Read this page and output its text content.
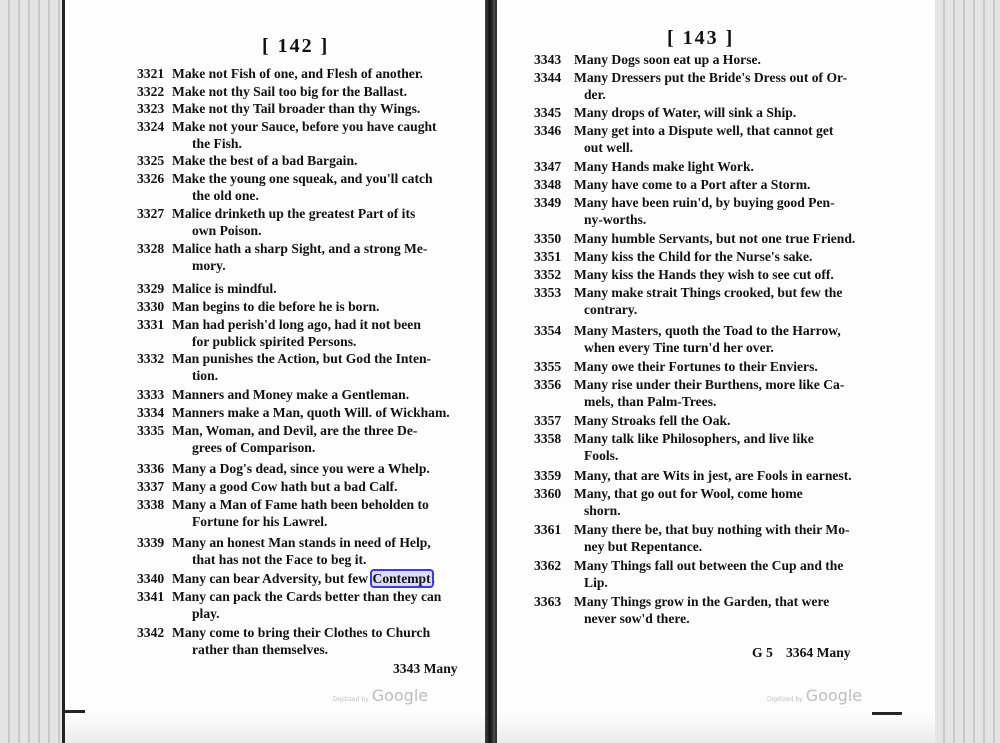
[ 142 ]
3343 Many
Digitized by Google
3321 Make not Fish of one, and Flesh of another.
3322 Make not thy Sail too big for the Ballast.
3323 Make not thy Tail broader than thy Wings.
3324 Make not your Sauce, before you have caught
the Fish.
3325 Make the best of a bad Bargain.
3326 Make the young one squeak, and you'll catch
the old one.
3327 Malice drinketh up the greatest Part of its
own Poison.
3328 Malice hath a sharp Sight, and a strong Me-
mory.
3329 Malice is mindful.
3330 Man begins to die before he is born.
3331 Man had perish'd long ago, had it not been
for publick spirited Persons.
3332 Man punishes the Action, but God the Inten-
tion.
3333 Manners and Money make a Gentleman.
3334 Manners make a Man, quoth Will. of Wickham.
3335 Man, Woman, and Devil, are the three De-
grees of Comparison.
3336 Many a Dog's dead, since you were a Whelp.
3337 Many a good Cow hath but a bad Calf.
3338 Many a Man of Fame hath been beholden to
Fortune for his Lawrel.
3339 Many an honest Man stands in need of Help,
that has not the Face to beg it.
3340 Many can bear Adversity, but few Contempt.
3341 Many can pack the Cards better than they can
play.
3342 Many come to bring their Clothes to Church
rather than themselves.
[ 143 ]
G 5 3364 Many
Digitized by Google
3343 Many Dogs soon eat up a Horse.
3344 Many Dressers put the Bride's Dress out of Or-
der.
3345 Many drops of Water, will sink a Ship.
3346 Many get into a Dispute well, that cannot get
out well.
3347 Many Hands make light Work.
3348 Many have come to a Port after a Storm.
3349 Many have been ruin'd, by buying good Pen-
ny-worths.
3350 Many humble Servants, but not one true Friend.
3351 Many kiss the Child for the Nurse's sake.
3352 Many kiss the Hands they wish to see cut off.
3353 Many make strait Things crooked, but few the
contrary.
3354 Many Masters, quoth the Toad to the Harrow,
when every Tine turn'd her over.
3355 Many owe their Fortunes to their Enviers.
3356 Many rise under their Burthens, more like Ca-
mels, than Palm-Trees.
3357 Many Stroaks fell the Oak.
3358 Many talk like Philosophers, and live like
Fools.
3359 Many, that are Wits in jest, are Fools in earnest.
3360 Many, that go out for Wool, come home
shorn.
3361 Many there be, that buy nothing with their Mo-
ney but Repentance.
3362 Many Things fall out between the Cup and the
Lip.
3363 Many Things grow in the Garden, that were
never sow'd there.
